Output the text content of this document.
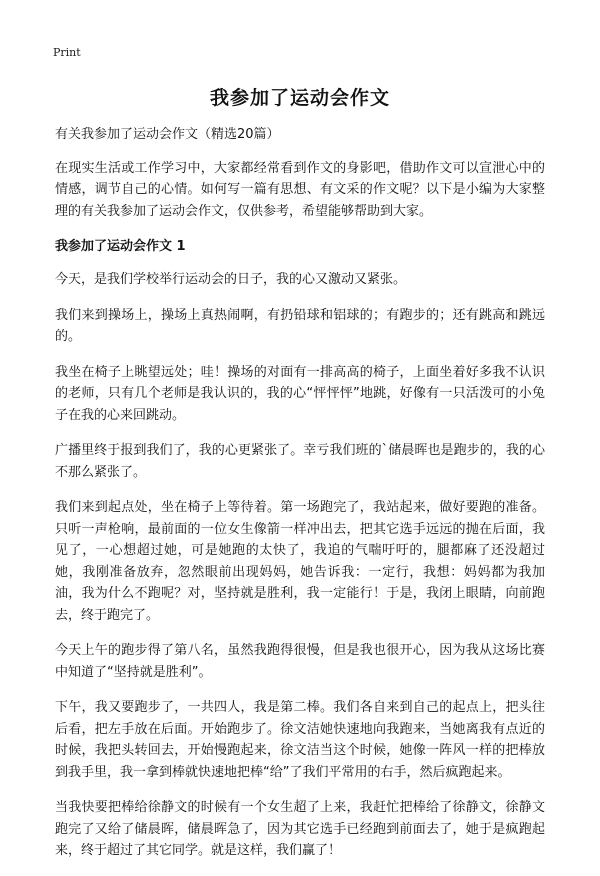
Print
我参加了运动会作文

有关我参加了运动会作文（精选20篇）

在现实生活或工作学习中，大家都经常看到作文的身影吧，借助作文可以宣泄心中的情感，调节自己的心情。如何写一篇有思想、有文采的作文呢？以下是小编为大家整理的有关我参加了运动会作文，仅供参考，希望能够帮助到大家。

我参加了运动会作文 1

今天，是我们学校举行运动会的日子，我的心又激动又紧张。

我们来到操场上，操场上真热闹啊，有扔铅球和铝球的；有跑步的；还有跳高和跳远的。

我坐在椅子上眺望远处；哇！操场的对面有一排高高的椅子，上面坐着好多我不认识的老师，只有几个老师是我认识的，我的心“怦怦怦”地跳，好像有一只活泼可的小兔子在我的心来回跳动。

广播里终于报到我们了，我的心更紧张了。幸亏我们班的`储晨晖也是跑步的，我的心不那么紧张了。

我们来到起点处，坐在椅子上等待着。第一场跑完了，我站起来，做好要跑的准备。只听一声枪响，最前面的一位女生像箭一样冲出去，把其它选手远远的抛在后面，我见了，一心想超过她，可是她跑的太快了，我追的气喘吁吁的，腿都麻了还没超过她，我刚准备放弃，忽然眼前出现妈妈，她告诉我：一定行，我想：妈妈都为我加油，我为什么不跑呢？对，坚持就是胜利，我一定能行！于是，我闭上眼睛，向前跑去，终于跑完了。

今天上午的跑步得了第八名，虽然我跑得很慢，但是我也很开心，因为我从这场比赛中知道了“坚持就是胜利”。

下午，我又要跑步了，一共四人，我是第二棒。我们各自来到自己的起点上，把头往后看，把左手放在后面。开始跑步了。徐文洁她快速地向我跑来，当她离我有点近的时候，我把头转回去，开始慢跑起来，徐文洁当这个时候，她像一阵风一样的把棒放到我手里，我一拿到棒就快速地把棒“给”了我们平常用的右手，然后疯跑起来。

当我快要把棒给徐静文的时候有一个女生超了上来，我赶忙把棒给了徐静文，徐静文跑完了又给了储晨晖，储晨晖急了，因为其它选手已经跑到前面去了，她于是疯跑起来，终于超过了其它同学。就是这样，我们赢了！
